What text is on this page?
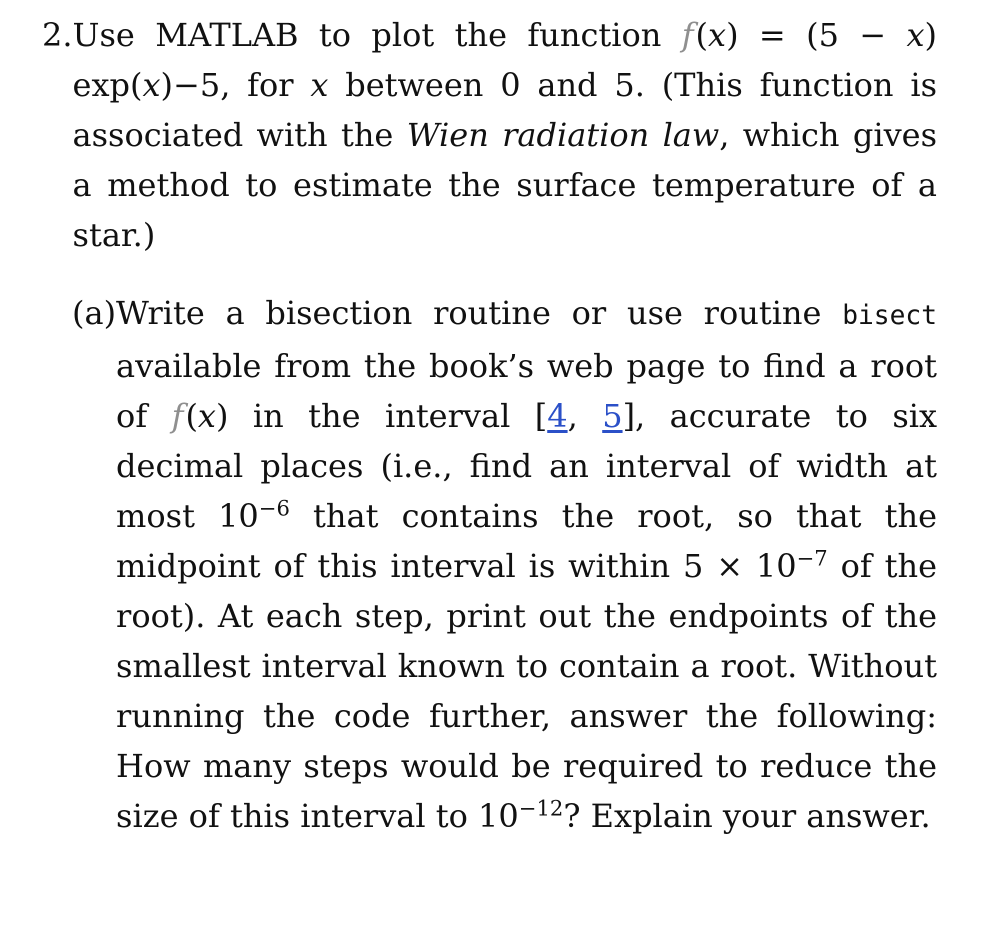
2. Use MATLAB to plot the function f(x) = (5 − x) exp(x)−5, for x between 0 and 5. (This function is associated with the Wien radiation law, which gives a method to estimate the surface temperature of a star.)
(a) Write a bisection routine or use routine bisect available from the book’s web page to find a root of f(x) in the interval [4, 5], accurate to six decimal places (i.e., find an interval of width at most $10^{-6}$ that contains the root, so that the midpoint of this interval is within $5 \times 10^{-7}$ of the root). At each step, print out the endpoints of the smallest interval known to contain a root. Without running the code further, answer the following: How many steps would be required to reduce the size of this interval to $10^{-12}$? Explain your answer.
